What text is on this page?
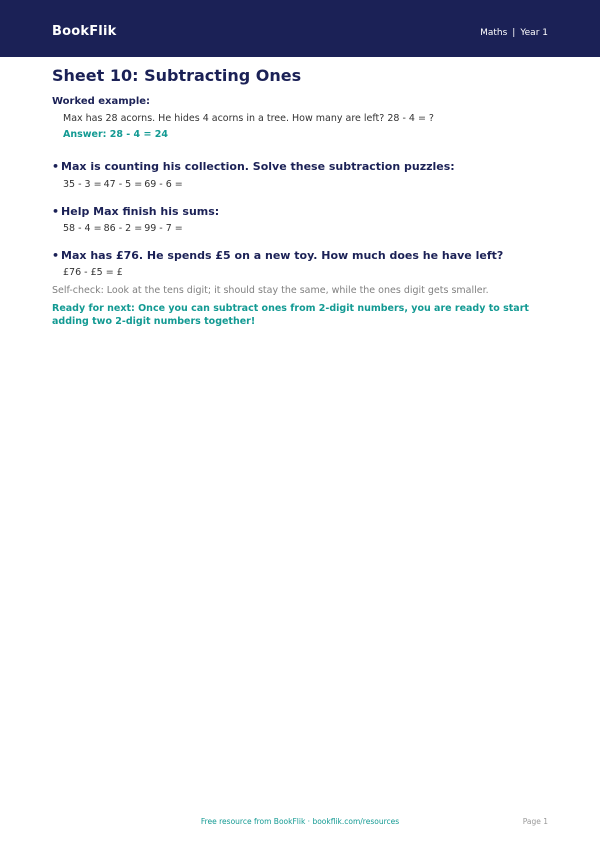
BookFlik	Maths | Year 1
Sheet 10: Subtracting Ones
Worked example:
Max has 28 acorns. He hides 4 acorns in a tree. How many are left? 28 - 4 = ?
Answer: 28 - 4 = 24
• Max is counting his collection. Solve these subtraction puzzles:
35 - 3 = 47 - 5 = 69 - 6 =
• Help Max finish his sums:
58 - 4 = 86 - 2 = 99 - 7 =
• Max has £76. He spends £5 on a new toy. How much does he have left?
£76 - £5 = £
Self-check: Look at the tens digit; it should stay the same, while the ones digit gets smaller.
Ready for next: Once you can subtract ones from 2-digit numbers, you are ready to start adding two 2-digit numbers together!
Free resource from BookFlik · bookflik.com/resources	Page 1
